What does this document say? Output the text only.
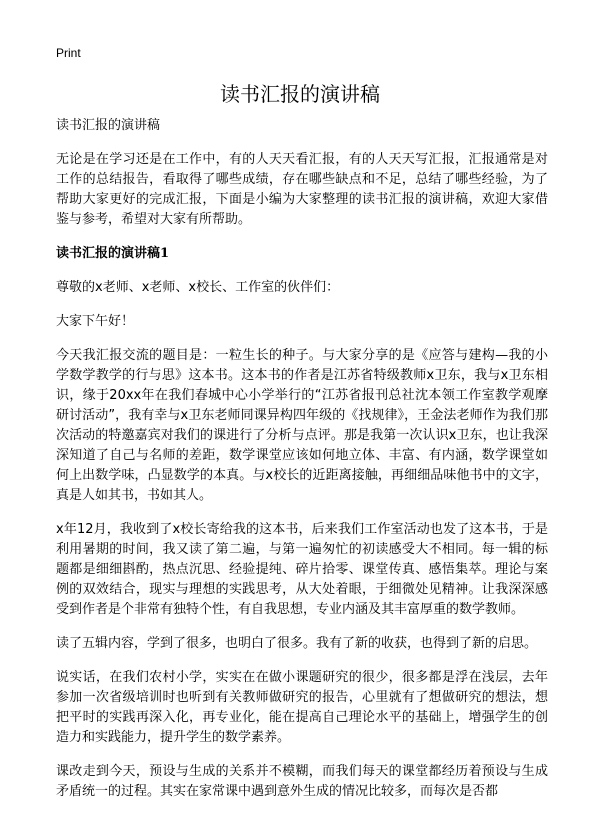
Print
读书汇报的演讲稿

读书汇报的演讲稿

无论是在学习还是在工作中，有的人天天看汇报，有的人天天写汇报，汇报通常是对工作的总结报告，看取得了哪些成绩，存在哪些缺点和不足，总结了哪些经验，为了帮助大家更好的完成汇报，下面是小编为大家整理的读书汇报的演讲稿，欢迎大家借鉴与参考，希望对大家有所帮助。

读书汇报的演讲稿1

尊敬的x老师、x老师、x校长、工作室的伙伴们：

大家下午好！

今天我汇报交流的题目是：一粒生长的种子。与大家分享的是《应答与建构—我的小学数学教学的行与思》这本书。这本书的作者是江苏省特级教师x卫东，我与x卫东相识，缘于20xx年在我们春城中心小学举行的“江苏省报刊总社沈本领工作室教学观摩研讨活动”，我有幸与x卫东老师同课异构四年级的《找规律》，王金法老师作为我们那次活动的特邀嘉宾对我们的课进行了分析与点评。那是我第一次认识x卫东，也让我深深知道了自己与名师的差距，数学课堂应该如何地立体、丰富、有内涵，数学课堂如何上出数学味，凸显数学的本真。与x校长的近距离接触，再细细品味他书中的文字，真是人如其书，书如其人。

x年12月，我收到了x校长寄给我的这本书，后来我们工作室活动也发了这本书，于是利用暑期的时间，我又读了第二遍，与第一遍匆忙的初读感受大不相同。每一辑的标题都是细细斟酌，热点沉思、经验提纯、碎片拾零、课堂传真、感悟集萃。理论与案例的双效结合，现实与理想的实践思考，从大处着眼，于细微处见精神。让我深深感受到作者是个非常有独特个性，有自我思想，专业内涵及其丰富厚重的数学教师。

读了五辑内容，学到了很多，也明白了很多。我有了新的收获，也得到了新的启思。

说实话，在我们农村小学，实实在在做小课题研究的很少，很多都是浮在浅层，去年参加一次省级培训时也听到有关教师做研究的报告，心里就有了想做研究的想法，想把平时的实践再深入化，再专业化，能在提高自己理论水平的基础上，增强学生的创造力和实践能力，提升学生的数学素养。

课改走到今天，预设与生成的关系并不模糊，而我们每天的课堂都经历着预设与生成矛盾统一的过程。其实在家常课中遇到意外生成的情况比较多，而每次是否都
